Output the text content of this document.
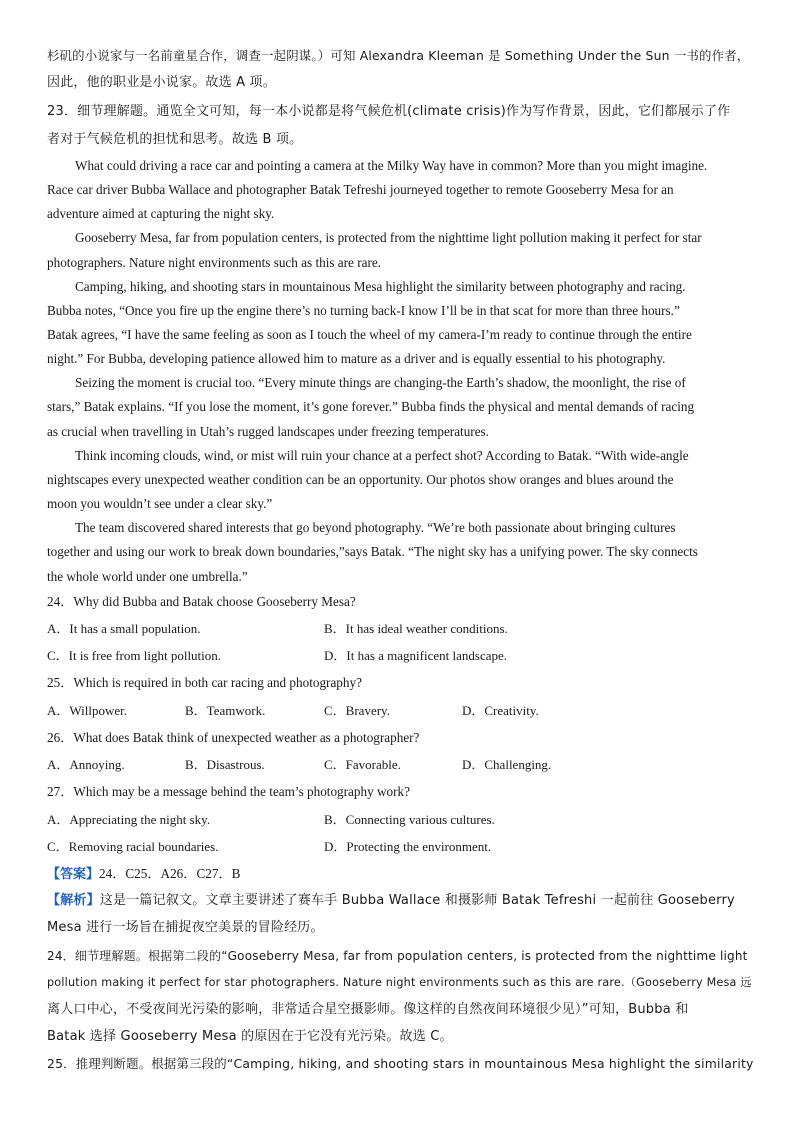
杉矶的小说家与一名前童星合作，调查一起阴谋。）可知 Alexandra Kleeman 是 Something Under the Sun 一书的作者，
因此，他的职业是小说家。故选 A 项。
23．细节理解题。通览全文可知，每一本小说都是将气候危机(climate crisis)作为写作背景，因此，它们都展示了作
者对于气候危机的担忧和思考。故选 B 项。
What could driving a race car and pointing a camera at the Milky Way have in common? More than you might imagine.
Race car driver Bubba Wallace and photographer Batak Tefreshi journeyed together to remote Gooseberry Mesa for an
adventure aimed at capturing the night sky.
Gooseberry Mesa, far from population centers, is protected from the nighttime light pollution making it perfect for star
photographers. Nature night environments such as this are rare.
Camping, hiking, and shooting stars in mountainous Mesa highlight the similarity between photography and racing.
Bubba notes, “Once you fire up the engine there’s no turning back-I know I’ll be in that scat for more than three hours.”
Batak agrees, “I have the same feeling as soon as I touch the wheel of my camera-I’m ready to continue through the entire
night.” For Bubba, developing patience allowed him to mature as a driver and is equally essential to his photography.
Seizing the moment is crucial too. “Every minute things are changing-the Earth’s shadow, the moonlight, the rise of
stars,” Batak explains. “If you lose the moment, it’s gone forever.” Bubba finds the physical and mental demands of racing
as crucial when travelling in Utah’s rugged landscapes under freezing temperatures.
Think incoming clouds, wind, or mist will ruin your chance at a perfect shot? According to Batak. “With wide-angle
nightscapes every unexpected weather condition can be an opportunity. Our photos show oranges and blues around the
moon you wouldn’t see under a clear sky.”
The team discovered shared interests that go beyond photography. “We’re both passionate about bringing cultures
together and using our work to break down boundaries,”says Batak. “The night sky has a unifying power. The sky connects
the whole world under one umbrella.”
24．Why did Bubba and Batak choose Gooseberry Mesa?
A．It has a small population.	B．It has ideal weather conditions.
C．It is free from light pollution.	D．It has a magnificent landscape.
25．Which is required in both car racing and photography?
A．Willpower.	B．Teamwork.	C．Bravery.	D．Creativity.
26．What does Batak think of unexpected weather as a photographer?
A．Annoying.	B．Disastrous.	C．Favorable.	D．Challenging.
27．Which may be a message behind the team’s photography work?
A．Appreciating the night sky.	B．Connecting various cultures.
C．Removing racial boundaries.	D．Protecting the environment.
【答案】24．C25．A26．C27．B
【解析】这是一篇记叙文。文章主要讲述了赛车手 Bubba Wallace 和摄影师 Batak Tefreshi 一起前往 Gooseberry
Mesa 进行一场旨在捕捉夜空美景的冒险经历。
24．细节理解题。根据第二段的“Gooseberry Mesa, far from population centers, is protected from the nighttime light
pollution making it perfect for star photographers. Nature night environments such as this are rare.（Gooseberry Mesa 远
离人口中心，不受夜间光污染的影响，非常适合星空摄影师。像这样的自然夜间环境很少见）”可知，Bubba 和
Batak 选择 Gooseberry Mesa 的原因在于它没有光污染。故选 C。
25．推理判断题。根据第三段的“Camping, hiking, and shooting stars in mountainous Mesa highlight the similarity
